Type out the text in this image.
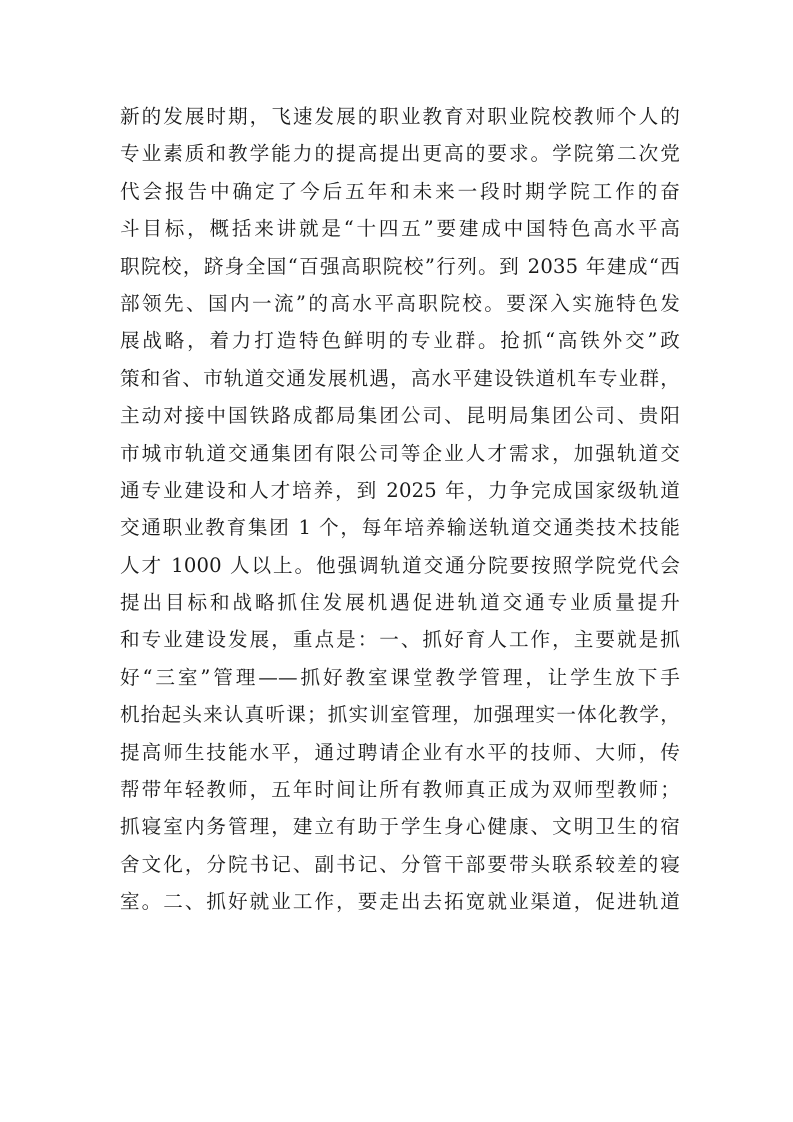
新的发展时期，飞速发展的职业教育对职业院校教师个人的
专业素质和教学能力的提高提出更高的要求。学院第二次党
代会报告中确定了今后五年和未来一段时期学院工作的奋
斗目标，概括来讲就是“十四五”要建成中国特色高水平高
职院校，跻身全国“百强高职院校”行列。到 2035 年建成“西
部领先、国内一流”的高水平高职院校。要深入实施特色发
展战略，着力打造特色鲜明的专业群。抢抓“高铁外交”政
策和省、市轨道交通发展机遇，高水平建设铁道机车专业群，
主动对接中国铁路成都局集团公司、昆明局集团公司、贵阳
市城市轨道交通集团有限公司等企业人才需求，加强轨道交
通专业建设和人才培养，到 2025 年，力争完成国家级轨道
交通职业教育集团 1 个，每年培养输送轨道交通类技术技能
人才 1000 人以上。他强调轨道交通分院要按照学院党代会
提出目标和战略抓住发展机遇促进轨道交通专业质量提升
和专业建设发展，重点是：一、抓好育人工作，主要就是抓
好“三室”管理——抓好教室课堂教学管理，让学生放下手
机抬起头来认真听课；抓实训室管理，加强理实一体化教学，
提高师生技能水平，通过聘请企业有水平的技师、大师，传
帮带年轻教师，五年时间让所有教师真正成为双师型教师；
抓寝室内务管理，建立有助于学生身心健康、文明卫生的宿
舍文化，分院书记、副书记、分管干部要带头联系较差的寝
室。二、抓好就业工作，要走出去拓宽就业渠道，促进轨道
